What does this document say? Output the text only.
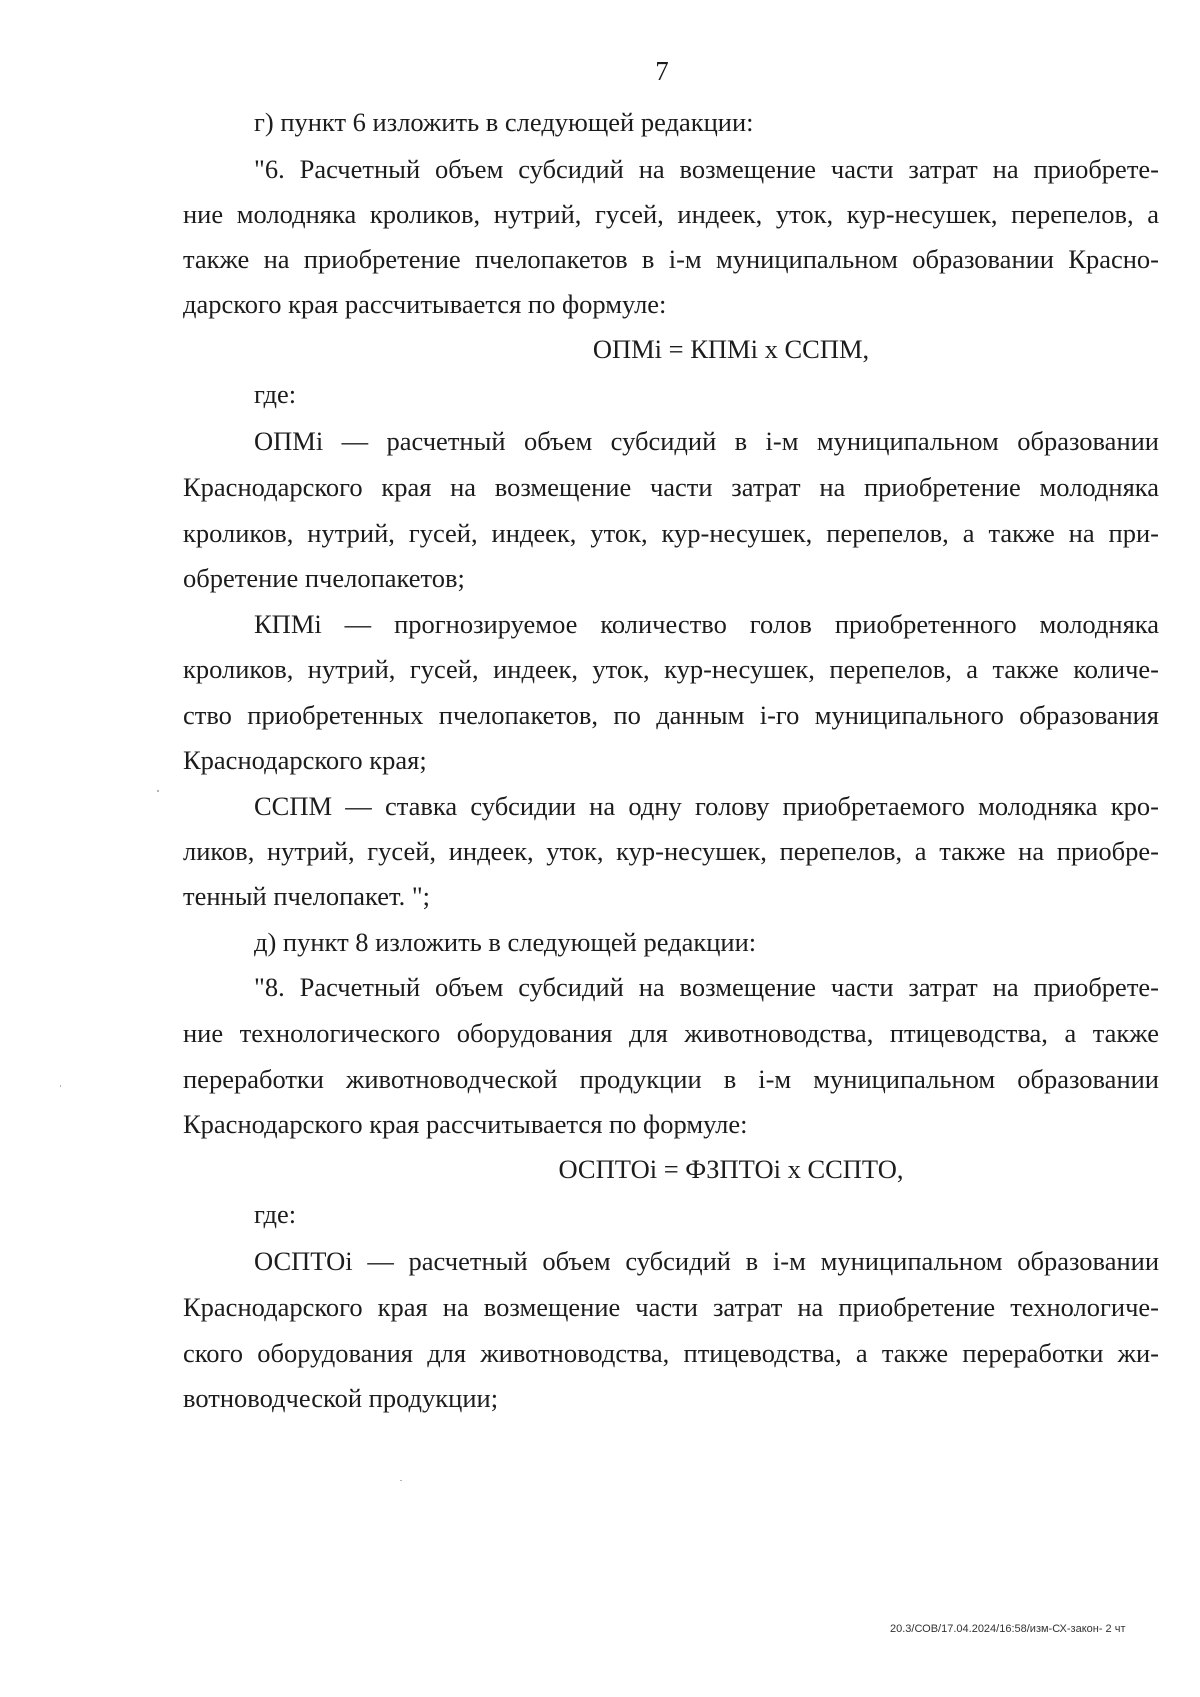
7
г) пункт 6 изложить в следующей редакции:
"6. Расчетный объем субсидий на возмещение части затрат на приобрете-
ние молодняка кроликов, нутрий, гусей, индеек, уток, кур-несушек, перепелов, а
также на приобретение пчелопакетов в i-м муниципальном образовании Красно-
дарского края рассчитывается по формуле:
ОПМi = КПМi х ССПМ,
где:
ОПМi — расчетный объем субсидий в i-м муниципальном образовании
Краснодарского края на возмещение части затрат на приобретение молодняка
кроликов, нутрий, гусей, индеек, уток, кур-несушек, перепелов, а также на при-
обретение пчелопакетов;
КПМi — прогнозируемое количество голов приобретенного молодняка
кроликов, нутрий, гусей, индеек, уток, кур-несушек, перепелов, а также количе-
ство приобретенных пчелопакетов, по данным i-го муниципального образования
Краснодарского края;
ССПМ — ставка субсидии на одну голову приобретаемого молодняка кро-
ликов, нутрий, гусей, индеек, уток, кур-несушек, перепелов, а также на приобре-
тенный пчелопакет. ";
д) пункт 8 изложить в следующей редакции:
"8. Расчетный объем субсидий на возмещение части затрат на приобрете-
ние технологического оборудования для животноводства, птицеводства, а также
переработки животноводческой продукции в i-м муниципальном образовании
Краснодарского края рассчитывается по формуле:
ОСПТОi = ФЗПТОi х ССПТО,
где:
ОСПТОi — расчетный объем субсидий в i-м муниципальном образовании
Краснодарского края на возмещение части затрат на приобретение технологиче-
ского оборудования для животноводства, птицеводства, а также переработки жи-
вотноводческой продукции;
20.3/СОВ/17.04.2024/16:58/изм-СХ-закон- 2 чт
